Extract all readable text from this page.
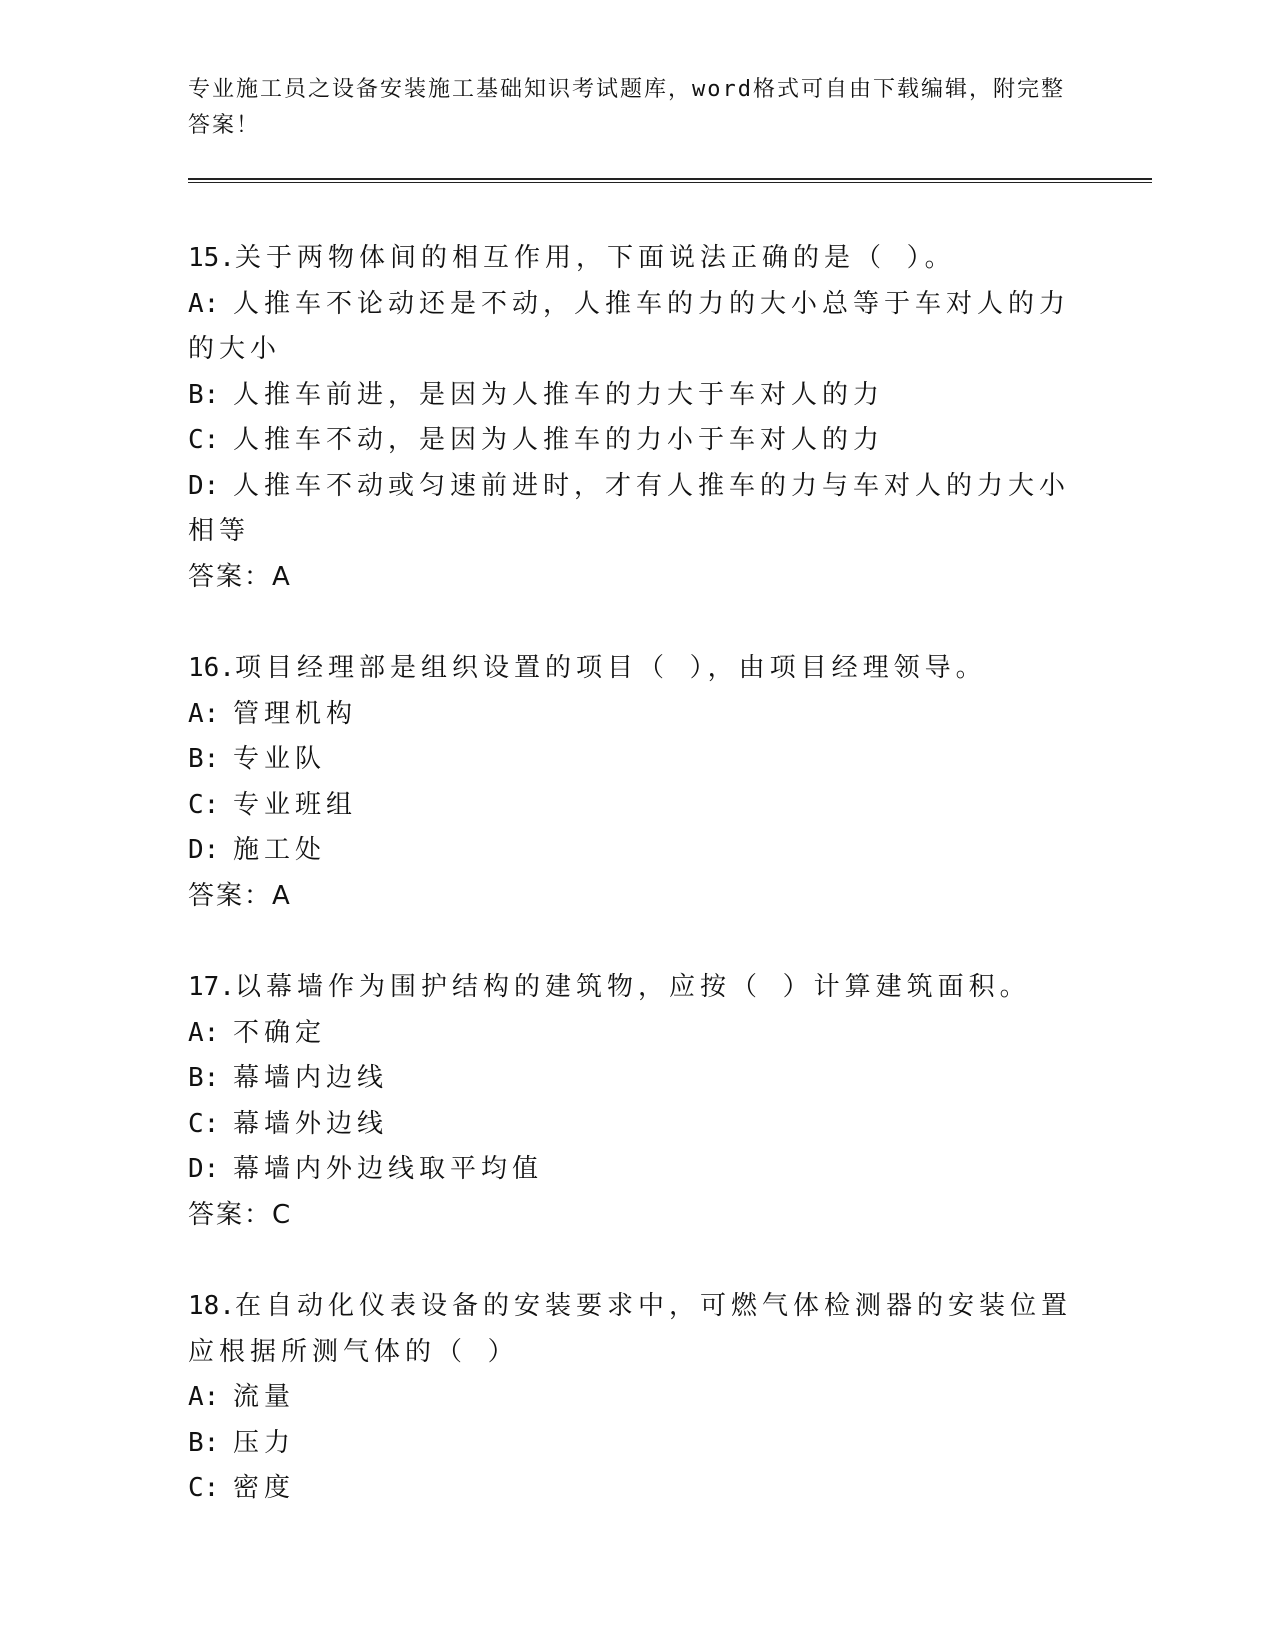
专业施工员之设备安装施工基础知识考试题库，word格式可自由下载编辑，附完整答案！

15.关于两物体间的相互作用，下面说法正确的是（ ）。

A: 人推车不论动还是不动，人推车的力的大小总等于车对人的力的大小

B: 人推车前进，是因为人推车的力大于车对人的力

C: 人推车不动，是因为人推车的力小于车对人的力

D: 人推车不动或匀速前进时，才有人推车的力与车对人的力大小相等

答案：A

16.项目经理部是组织设置的项目（ ），由项目经理领导。

A: 管理机构

B: 专业队

C: 专业班组

D: 施工处

答案：A

17.以幕墙作为围护结构的建筑物，应按（ ）计算建筑面积。

A: 不确定

B: 幕墙内边线

C: 幕墙外边线

D: 幕墙内外边线取平均值

答案：C

18.在自动化仪表设备的安装要求中，可燃气体检测器的安装位置应根据所测气体的（ ）

A: 流量

B: 压力

C: 密度
